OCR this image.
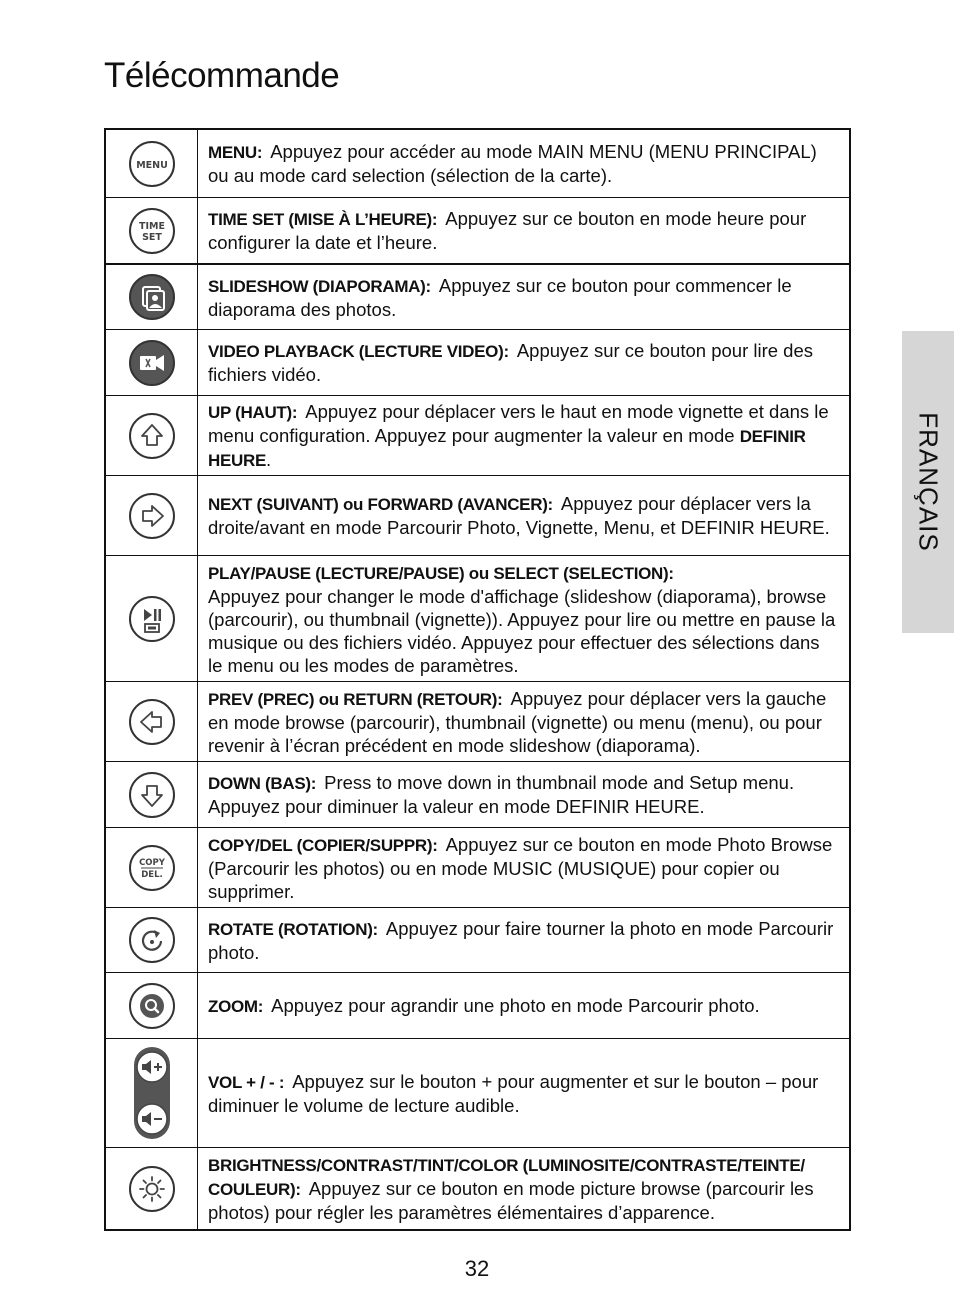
Télécommande
FRANÇAIS
MENU

MENU: Appuyez pour accéder au mode MAIN MENU (MENU PRINCIPAL) ou au mode card selection (sélection de la carte).

TIME
SET

TIME SET (MISE À L’HEURE): Appuyez sur ce bouton en mode heure pour configurer la date et l’heure.

SLIDESHOW (DIAPORAMA): Appuyez sur ce bouton pour commencer le diaporama des photos.

VIDEO PLAYBACK (LECTURE VIDEO): Appuyez sur ce bouton pour lire des fichiers vidéo.

UP (HAUT): Appuyez pour déplacer vers le haut en mode vignette et dans le menu configuration. Appuyez pour augmenter la valeur en mode DEFINIR HEURE.

NEXT (SUIVANT) ou FORWARD (AVANCER): Appuyez pour déplacer vers la droite/avant en mode Parcourir Photo, Vignette, Menu, et DEFINIR HEURE.

PLAY/PAUSE (LECTURE/PAUSE) ou SELECT (SELECTION):
Appuyez pour changer le mode d'affichage (slideshow (diaporama), browse (parcourir), ou thumbnail (vignette)). Appuyez pour lire ou mettre en pause la musique ou des fichiers vidéo. Appuyez pour effectuer des sélections dans le menu ou les modes de paramètres.

PREV (PREC) ou RETURN (RETOUR): Appuyez pour déplacer vers la gauche en mode browse (parcourir), thumbnail (vignette) ou menu (menu), ou pour revenir à l’écran précédent en mode slideshow (diaporama).

DOWN (BAS): Press to move down in thumbnail mode and Setup menu. Appuyez pour diminuer la valeur en mode DEFINIR HEURE.

COPY
DEL.

COPY/DEL (COPIER/SUPPR): Appuyez sur ce bouton en mode Photo Browse (Parcourir les photos) ou en mode MUSIC (MUSIQUE) pour copier ou supprimer.

ROTATE (ROTATION): Appuyez pour faire tourner la photo en mode Parcourir photo.

ZOOM: Appuyez pour agrandir une photo en mode Parcourir photo.

VOL + / - : Appuyez sur le bouton + pour augmenter et sur le bouton – pour diminuer le volume de lecture audible.

BRIGHTNESS/CONTRAST/TINT/COLOR (LUMINOSITE/CONTRASTE/TEINTE/ COULEUR): Appuyez sur ce bouton en mode picture browse (parcourir les photos) pour régler les paramètres élémentaires d’apparence.

32
